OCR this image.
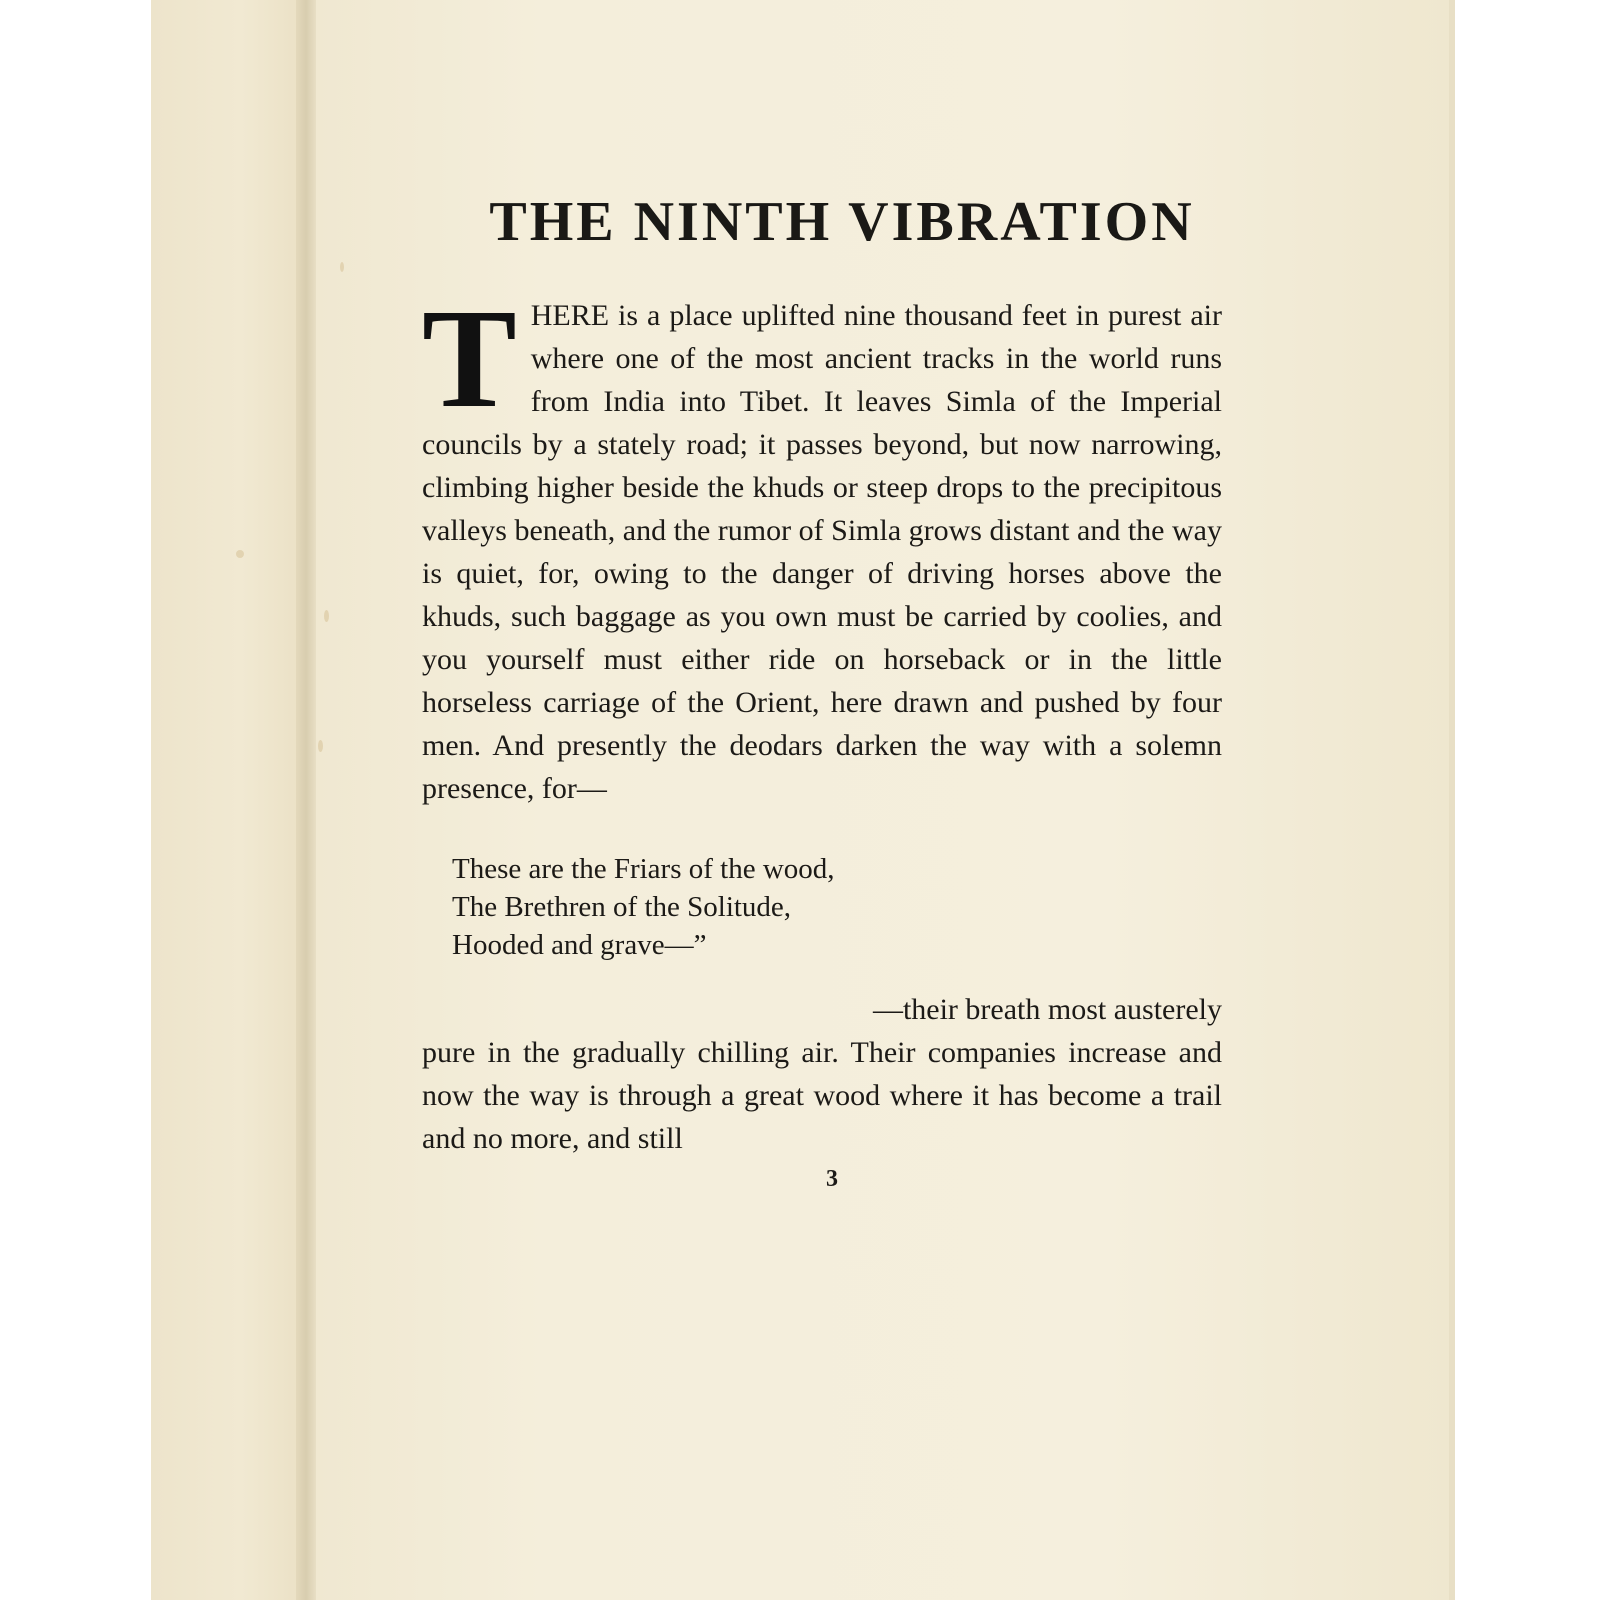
THE NINTH VIBRATION

THERE is a place uplifted nine thousand feet in purest air where one of the most ancient tracks in the world runs from India into Tibet. It leaves Simla of the Imperial councils by a stately road; it passes beyond, but now narrowing, climbing higher beside the khuds or steep drops to the precipitous valleys beneath, and the rumor of Simla grows distant and the way is quiet, for, owing to the danger of driving horses above the khuds, such baggage as you own must be carried by coolies, and you yourself must either ride on horseback or in the little horseless carriage of the Orient, here drawn and pushed by four men. And presently the deodars darken the way with a solemn presence, for—

These are the Friars of the wood,
The Brethren of the Solitude,
Hooded and grave—”

—their breath most austerely

pure in the gradually chilling air. Their companies increase and now the way is through a great wood where it has become a trail and no more, and still

3
